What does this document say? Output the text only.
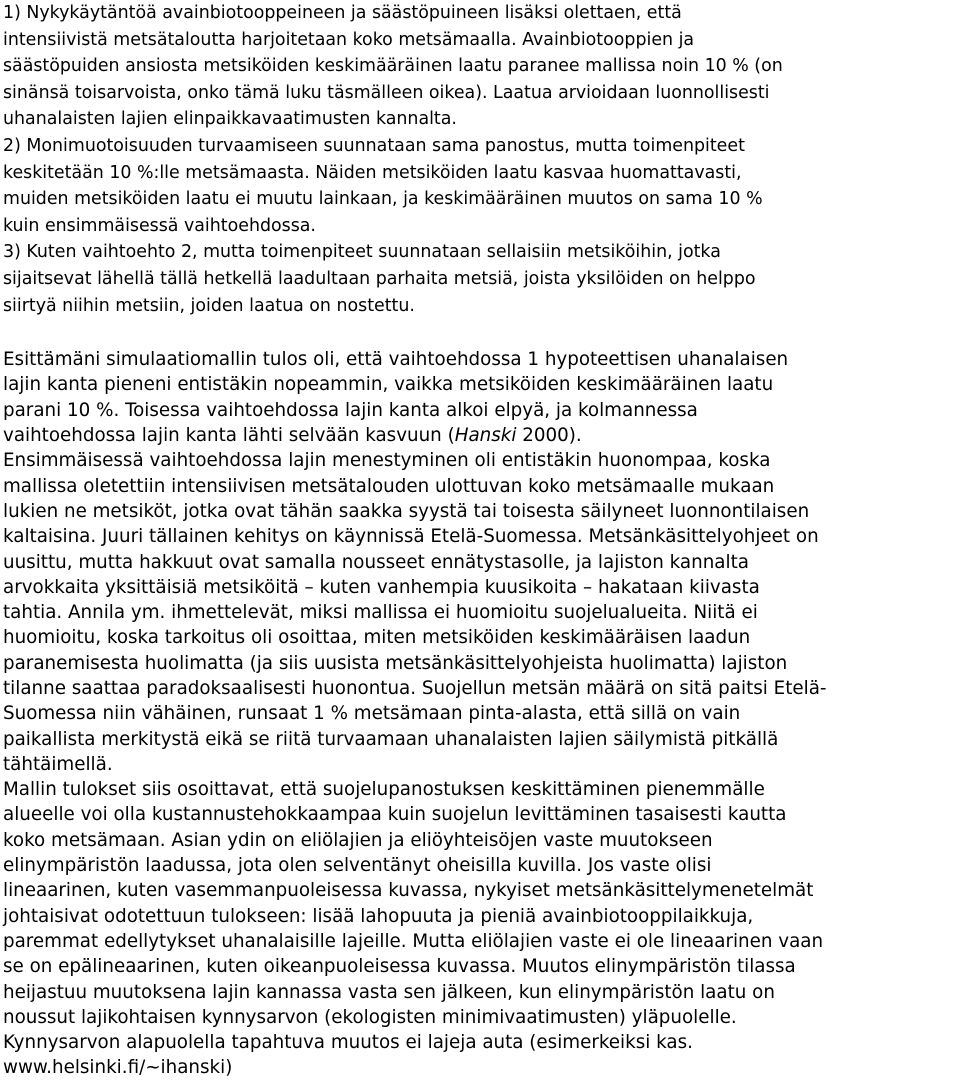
1) Nykykäytäntöä avainbiotooppeineen ja säästöpuineen lisäksi olettaen, että
intensiivistä metsätaloutta harjoitetaan koko metsämaalla. Avainbiotooppien ja
säästöpuiden ansiosta metsiköiden keskimääräinen laatu paranee mallissa noin 10 % (on
sinänsä toisarvoista, onko tämä luku täsmälleen oikea). Laatua arvioidaan luonnollisesti
uhanalaisten lajien elinpaikkavaatimusten kannalta.
2) Monimuotoisuuden turvaamiseen suunnataan sama panostus, mutta toimenpiteet
keskitetään 10 %:lle metsämaasta. Näiden metsiköiden laatu kasvaa huomattavasti,
muiden metsiköiden laatu ei muutu lainkaan, ja keskimääräinen muutos on sama 10 %
kuin ensimmäisessä vaihtoehdossa.
3) Kuten vaihtoehto 2, mutta toimenpiteet suunnataan sellaisiin metsiköihin, jotka
sijaitsevat lähellä tällä hetkellä laadultaan parhaita metsiä, joista yksilöiden on helppo
siirtyä niihin metsiin, joiden laatua on nostettu.
Esittämäni simulaatiomallin tulos oli, että vaihtoehdossa 1 hypoteettisen uhanalaisen
lajin kanta pieneni entistäkin nopeammin, vaikka metsiköiden keskimääräinen laatu
parani 10 %. Toisessa vaihtoehdossa lajin kanta alkoi elpyä, ja kolmannessa
vaihtoehdossa lajin kanta lähti selvään kasvuun (Hanski 2000).
Ensimmäisessä vaihtoehdossa lajin menestyminen oli entistäkin huonompaa, koska
mallissa oletettiin intensiivisen metsätalouden ulottuvan koko metsämaalle mukaan
lukien ne metsiköt, jotka ovat tähän saakka syystä tai toisesta säilyneet luonnontilaisen
kaltaisina. Juuri tällainen kehitys on käynnissä Etelä-Suomessa. Metsänkäsittelyohjeet on
uusittu, mutta hakkuut ovat samalla nousseet ennätystasolle, ja lajiston kannalta
arvokkaita yksittäisiä metsiköitä – kuten vanhempia kuusikoita – hakataan kiivasta
tahtia. Annila ym. ihmettelevät, miksi mallissa ei huomioitu suojelualueita. Niitä ei
huomioitu, koska tarkoitus oli osoittaa, miten metsiköiden keskimääräisen laadun
paranemisesta huolimatta (ja siis uusista metsänkäsittelyohjeista huolimatta) lajiston
tilanne saattaa paradoksaalisesti huonontua. Suojellun metsän määrä on sitä paitsi Etelä-
Suomessa niin vähäinen, runsaat 1 % metsämaan pinta-alasta, että sillä on vain
paikallista merkitystä eikä se riitä turvaamaan uhanalaisten lajien säilymistä pitkällä
tähtäimellä.
Mallin tulokset siis osoittavat, että suojelupanostuksen keskittäminen pienemmälle
alueelle voi olla kustannustehokkaampaa kuin suojelun levittäminen tasaisesti kautta
koko metsämaan. Asian ydin on eliölajien ja eliöyhteisöjen vaste muutokseen
elinympäristön laadussa, jota olen selventänyt oheisilla kuvilla. Jos vaste olisi
lineaarinen, kuten vasemmanpuoleisessa kuvassa, nykyiset metsänkäsittelymenetelmät
johtaisivat odotettuun tulokseen: lisää lahopuuta ja pieniä avainbiotooppilaikkuja,
paremmat edellytykset uhanalaisille lajeille. Mutta eliölajien vaste ei ole lineaarinen vaan
se on epälineaarinen, kuten oikeanpuoleisessa kuvassa. Muutos elinympäristön tilassa
heijastuu muutoksena lajin kannassa vasta sen jälkeen, kun elinympäristön laatu on
noussut lajikohtaisen kynnysarvon (ekologisten minimivaatimusten) yläpuolelle.
Kynnysarvon alapuolella tapahtuva muutos ei lajeja auta (esimerkeiksi kas.
www.helsinki.fi/~ihanski)
